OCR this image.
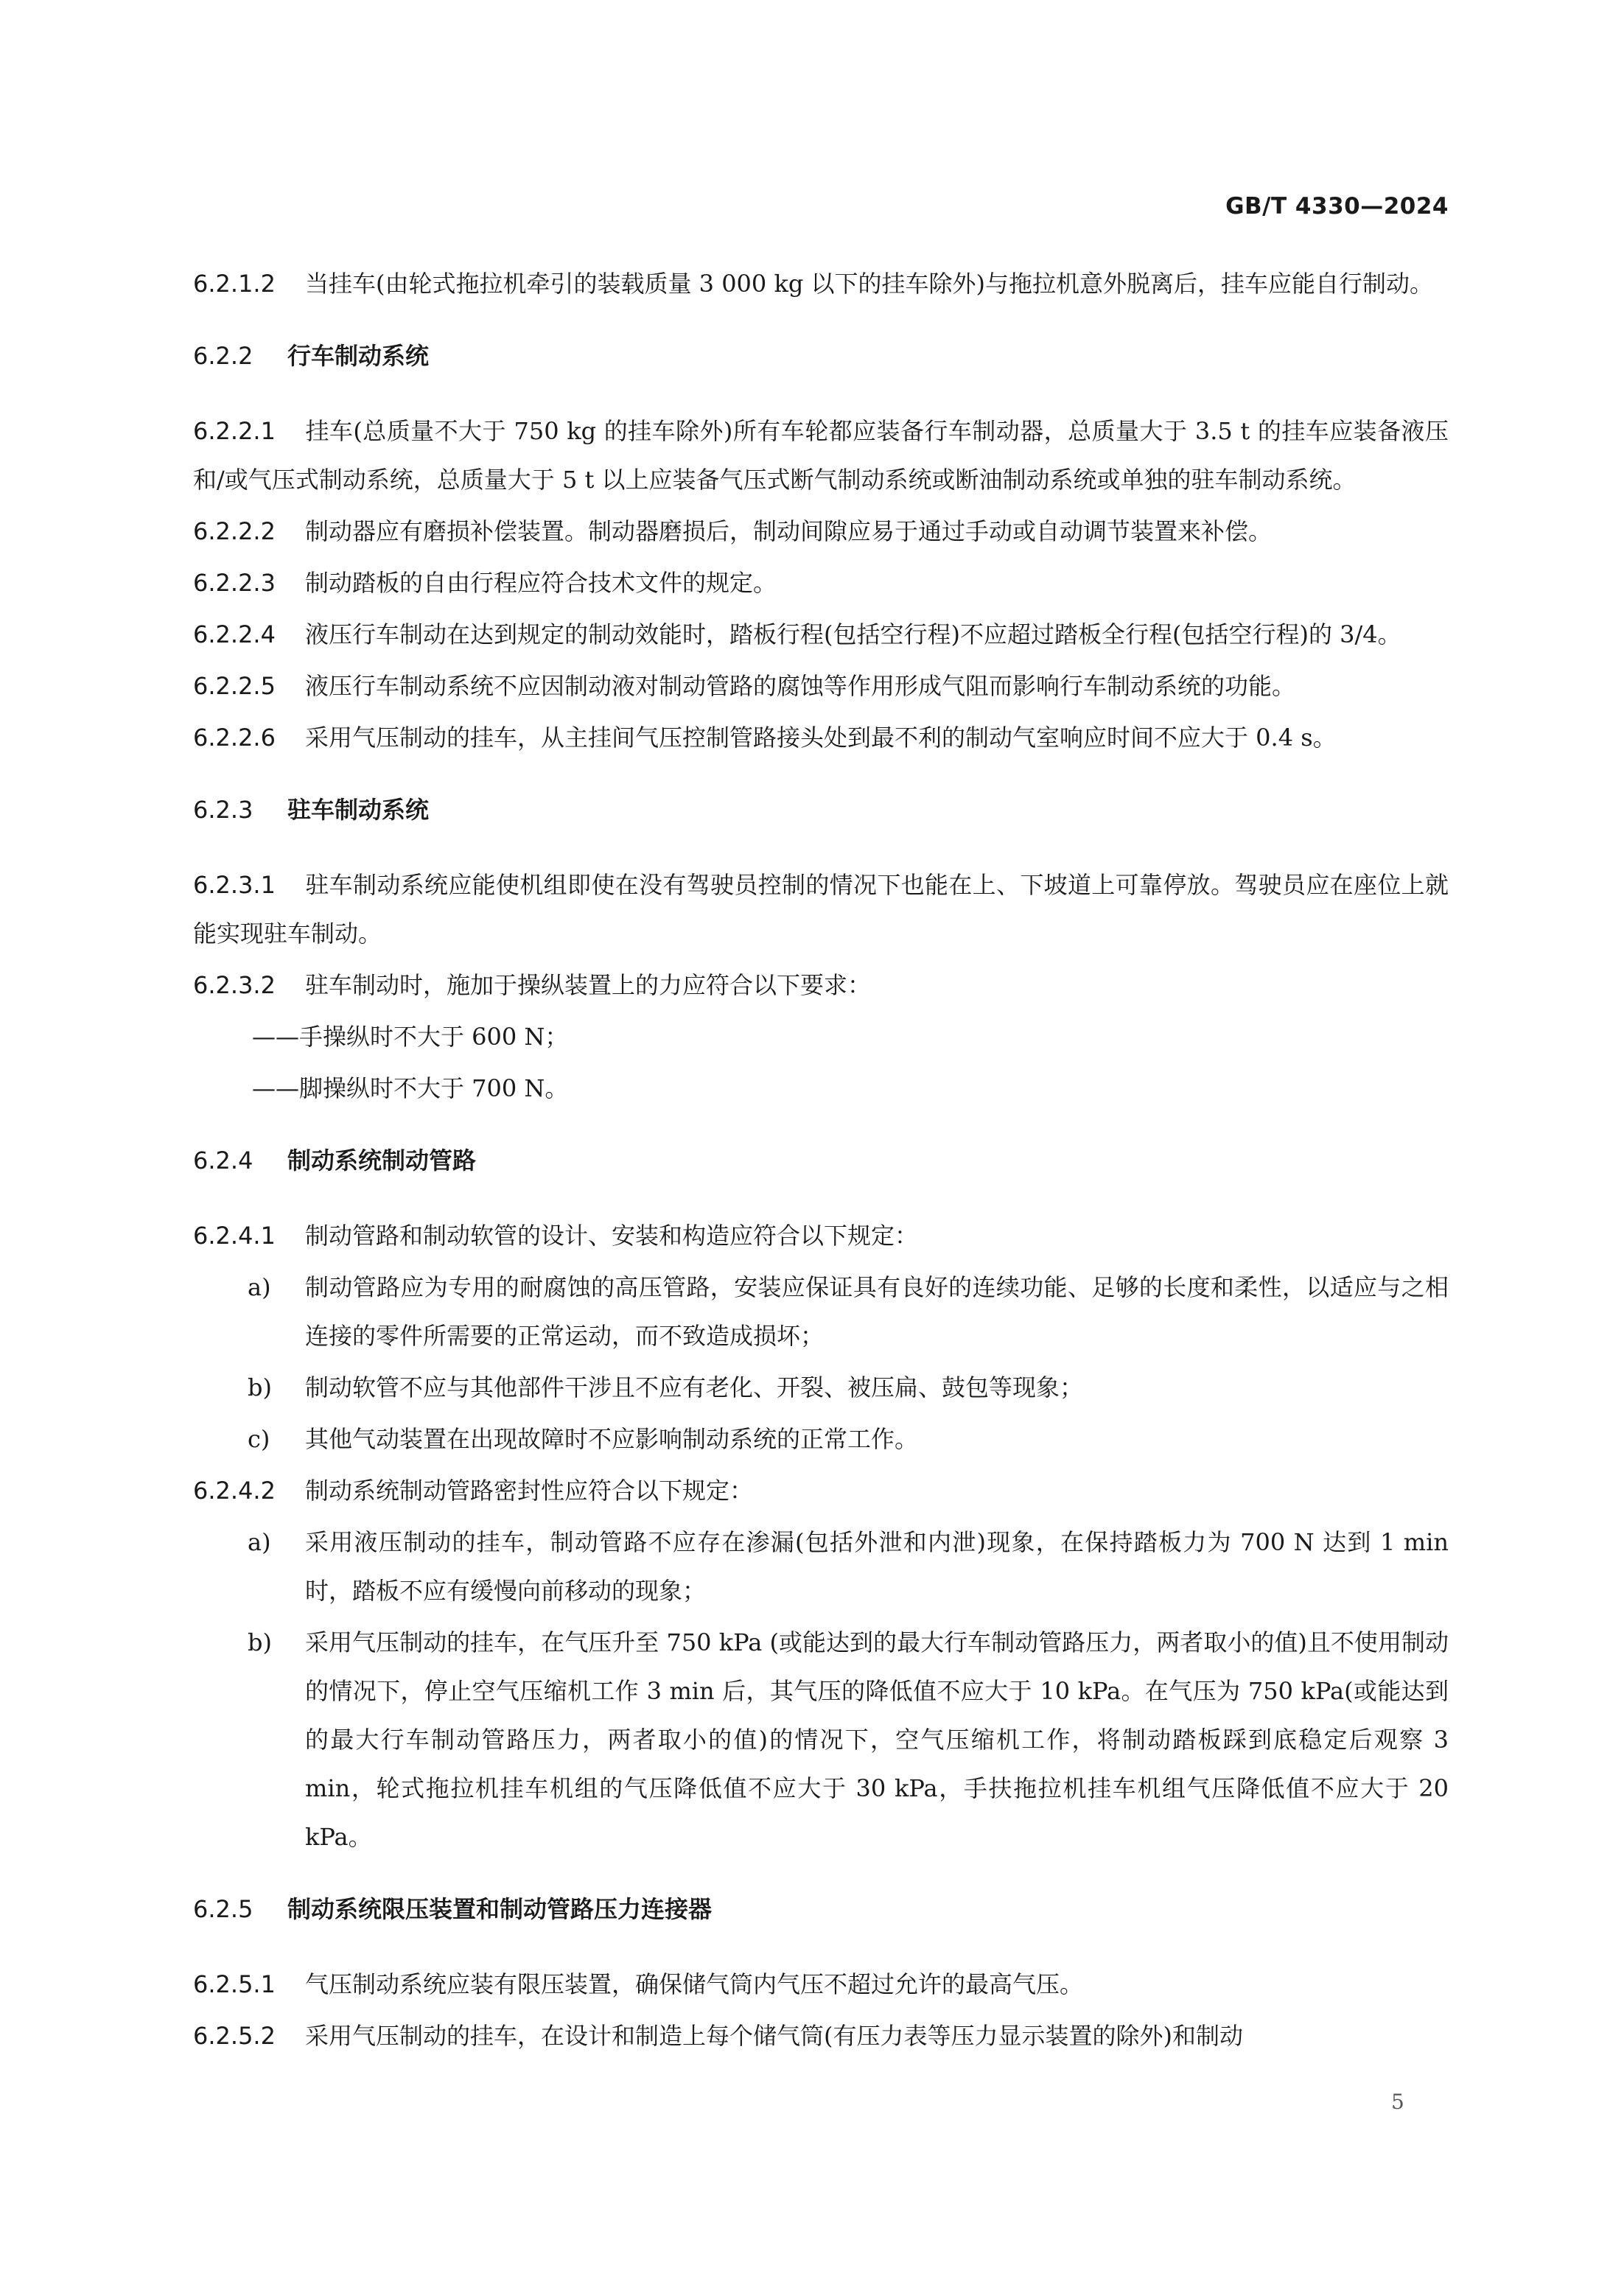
GB/T 4330—2024

6.2.1.2 当挂车(由轮式拖拉机牵引的装载质量 3 000 kg 以下的挂车除外)与拖拉机意外脱离后，挂车应能自行制动。

6.2.2 行车制动系统

6.2.2.1 挂车(总质量不大于 750 kg 的挂车除外)所有车轮都应装备行车制动器，总质量大于 3.5 t 的挂车应装备液压和/或气压式制动系统，总质量大于 5 t 以上应装备气压式断气制动系统或断油制动系统或单独的驻车制动系统。

6.2.2.2 制动器应有磨损补偿装置。制动器磨损后，制动间隙应易于通过手动或自动调节装置来补偿。

6.2.2.3 制动踏板的自由行程应符合技术文件的规定。

6.2.2.4 液压行车制动在达到规定的制动效能时，踏板行程(包括空行程)不应超过踏板全行程(包括空行程)的 3/4。

6.2.2.5 液压行车制动系统不应因制动液对制动管路的腐蚀等作用形成气阻而影响行车制动系统的功能。

6.2.2.6 采用气压制动的挂车，从主挂间气压控制管路接头处到最不利的制动气室响应时间不应大于 0.4 s。

6.2.3 驻车制动系统

6.2.3.1 驻车制动系统应能使机组即使在没有驾驶员控制的情况下也能在上、下坡道上可靠停放。驾驶员应在座位上就能实现驻车制动。

6.2.3.2 驻车制动时，施加于操纵装置上的力应符合以下要求：

——手操纵时不大于 600 N；
——脚操纵时不大于 700 N。
6.2.4 制动系统制动管路

6.2.4.1 制动管路和制动软管的设计、安装和构造应符合以下规定：

a) 制动管路应为专用的耐腐蚀的高压管路，安装应保证具有良好的连续功能、足够的长度和柔性，以适应与之相连接的零件所需要的正常运动，而不致造成损坏；
b) 制动软管不应与其他部件干涉且不应有老化、开裂、被压扁、鼓包等现象；
c) 其他气动装置在出现故障时不应影响制动系统的正常工作。

6.2.4.2 制动系统制动管路密封性应符合以下规定：

a) 采用液压制动的挂车，制动管路不应存在渗漏(包括外泄和内泄)现象，在保持踏板力为 700 N 达到 1 min 时，踏板不应有缓慢向前移动的现象；
b) 采用气压制动的挂车，在气压升至 750 kPa (或能达到的最大行车制动管路压力，两者取小的值)且不使用制动的情况下，停止空气压缩机工作 3 min 后，其气压的降低值不应大于 10 kPa。在气压为 750 kPa(或能达到的最大行车制动管路压力，两者取小的值)的情况下，空气压缩机工作，将制动踏板踩到底稳定后观察 3 min，轮式拖拉机挂车机组的气压降低值不应大于 30 kPa，手扶拖拉机挂车机组气压降低值不应大于 20 kPa。
6.2.5 制动系统限压装置和制动管路压力连接器

6.2.5.1 气压制动系统应装有限压装置，确保储气筒内气压不超过允许的最高气压。

6.2.5.2 采用气压制动的挂车，在设计和制造上每个储气筒(有压力表等压力显示装置的除外)和制动

5
